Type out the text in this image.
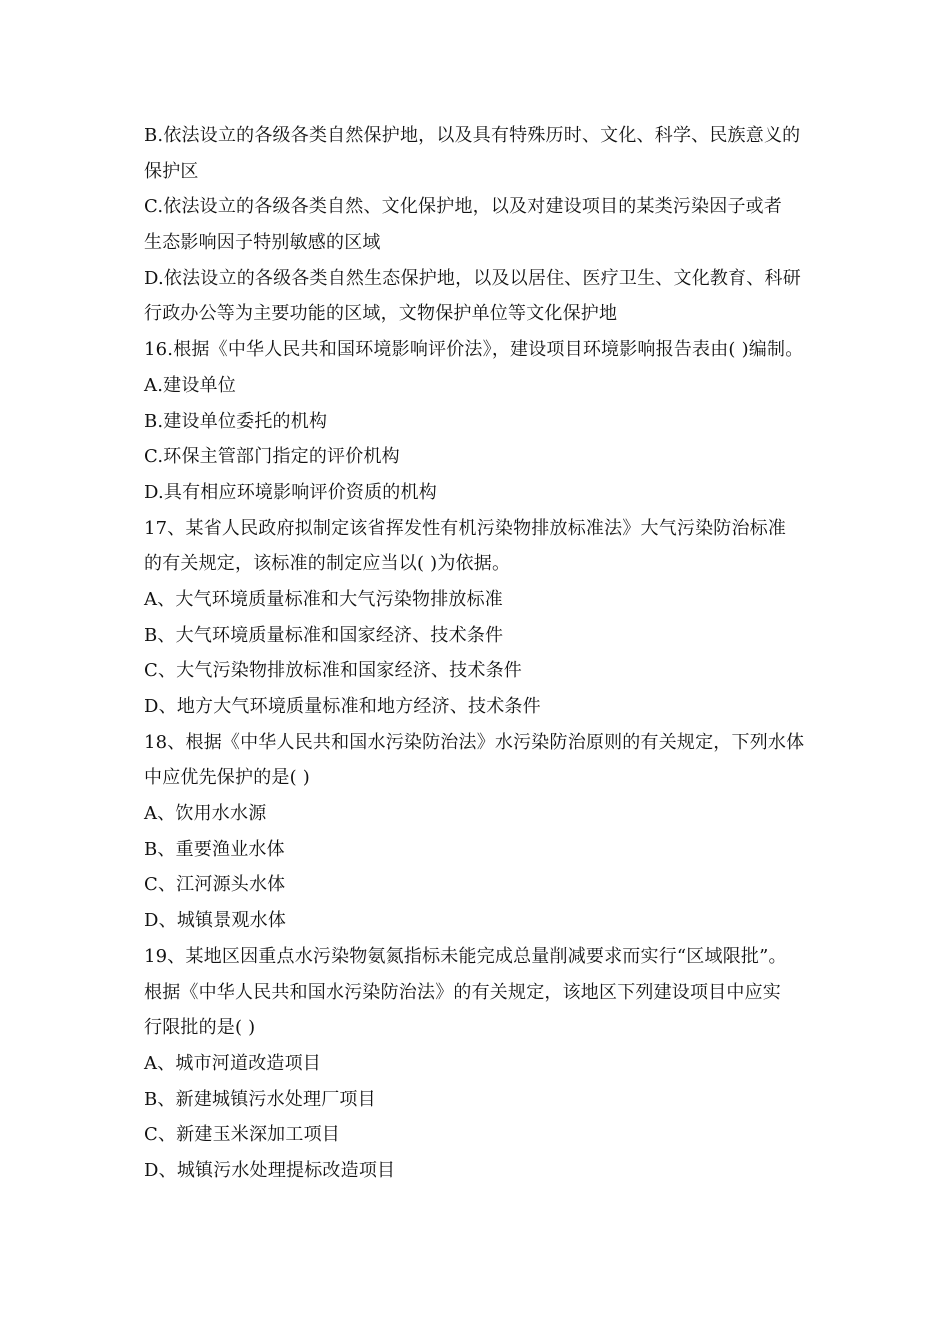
B.依法设立的各级各类自然保护地，以及具有特殊历时、文化、科学、民族意义的
保护区
C.依法设立的各级各类自然、文化保护地，以及对建设项目的某类污染因子或者
生态影响因子特别敏感的区域
D.依法设立的各级各类自然生态保护地，以及以居住、医疗卫生、文化教育、科研
行政办公等为主要功能的区域，文物保护单位等文化保护地
16.根据《中华人民共和国环境影响评价法》，建设项目环境影响报告表由( )编制。
A.建设单位
B.建设单位委托的机构
C.环保主管部门指定的评价机构
D.具有相应环境影响评价资质的机构
17、某省人民政府拟制定该省挥发性有机污染物排放标准法》大气污染防治标准
的有关规定，该标准的制定应当以( )为依据。
A、大气环境质量标准和大气污染物排放标准
B、大气环境质量标准和国家经济、技术条件
C、大气污染物排放标准和国家经济、技术条件
D、地方大气环境质量标准和地方经济、技术条件
18、根据《中华人民共和国水污染防治法》水污染防治原则的有关规定，下列水体
中应优先保护的是( )
A、饮用水水源
B、重要渔业水体
C、江河源头水体
D、城镇景观水体
19、某地区因重点水污染物氨氮指标未能完成总量削减要求而实行“区域限批”。
根据《中华人民共和国水污染防治法》的有关规定，该地区下列建设项目中应实
行限批的是( )
A、城市河道改造项目
B、新建城镇污水处理厂项目
C、新建玉米深加工项目
D、城镇污水处理提标改造项目
